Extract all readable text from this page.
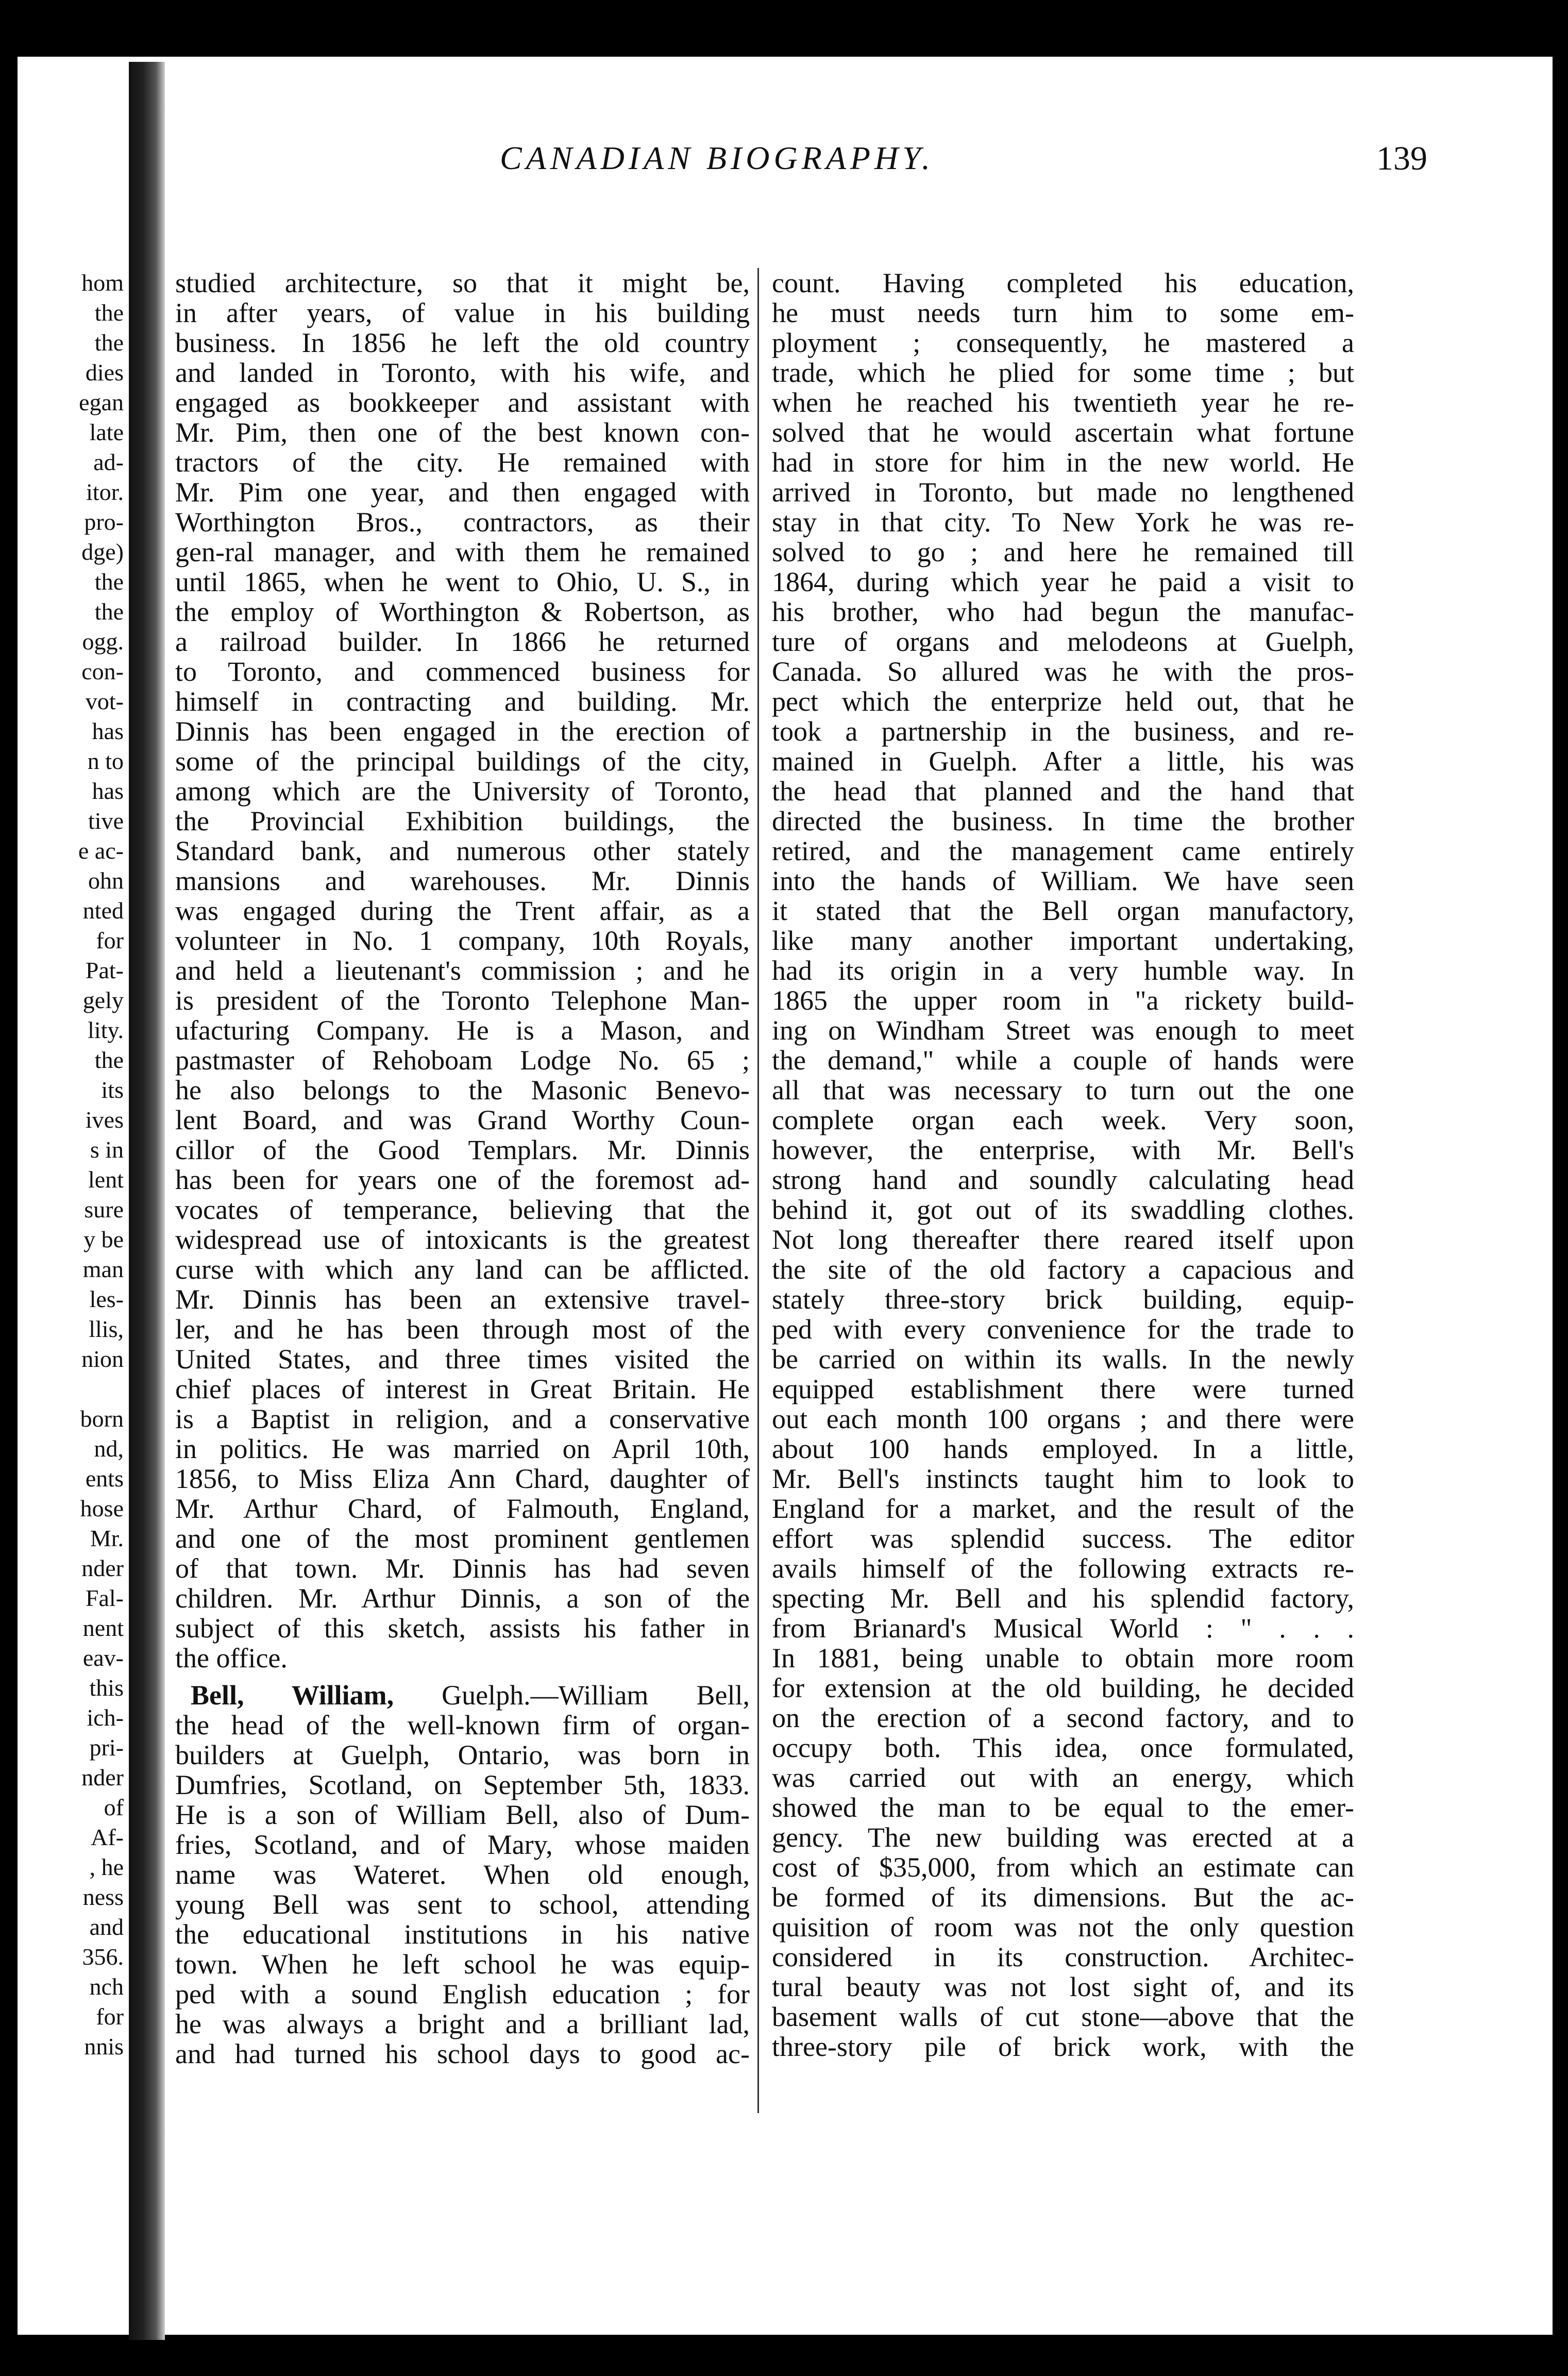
hom
the
the
dies
egan
late
ad-
itor.
pro-
dge)
the
the
ogg.
con-
vot-
has
n to
has
tive
e ac-
ohn
nted
for
Pat-
gely
lity.
the
its
ives
s in
lent
sure
y be
man
les-
llis,
nion

born
nd,
ents
hose
Mr.
nder
Fal-
nent
eav-
this
ich-
pri-
nder
of
Af-
, he
ness
and
356.
nch
for
nnis
CANADIAN BIOGRAPHY.	139
studied architecture, so that it might be,
in after years, of value in his building
business. In 1856 he left the old country
and landed in Toronto, with his wife, and
engaged as bookkeeper and assistant with
Mr. Pim, then one of the best known con-
tractors of the city. He remained with
Mr. Pim one year, and then engaged with
Worthington Bros., contractors, as their
gen-ral manager, and with them he remained
until 1865, when he went to Ohio, U. S., in
the employ of Worthington & Robertson, as
a railroad builder. In 1866 he returned
to Toronto, and commenced business for
himself in contracting and building. Mr.
Dinnis has been engaged in the erection of
some of the principal buildings of the city,
among which are the University of Toronto,
the Provincial Exhibition buildings, the
Standard bank, and numerous other stately
mansions and warehouses. Mr. Dinnis
was engaged during the Trent affair, as a
volunteer in No. 1 company, 10th Royals,
and held a lieutenant's commission ; and he
is president of the Toronto Telephone Man-
ufacturing Company. He is a Mason, and
pastmaster of Rehoboam Lodge No. 65 ;
he also belongs to the Masonic Benevo-
lent Board, and was Grand Worthy Coun-
cillor of the Good Templars. Mr. Dinnis
has been for years one of the foremost ad-
vocates of temperance, believing that the
widespread use of intoxicants is the greatest
curse with which any land can be afflicted.
Mr. Dinnis has been an extensive travel-
ler, and he has been through most of the
United States, and three times visited the
chief places of interest in Great Britain. He
is a Baptist in religion, and a conservative
in politics. He was married on April 10th,
1856, to Miss Eliza Ann Chard, daughter of
Mr. Arthur Chard, of Falmouth, England,
and one of the most prominent gentlemen
of that town. Mr. Dinnis has had seven
children. Mr. Arthur Dinnis, a son of the
subject of this sketch, assists his father in
the office.
Bell, William, Guelph.—William Bell,
the head of the well-known firm of organ-
builders at Guelph, Ontario, was born in
Dumfries, Scotland, on September 5th, 1833.
He is a son of William Bell, also of Dum-
fries, Scotland, and of Mary, whose maiden
name was Wateret. When old enough,
young Bell was sent to school, attending
the educational institutions in his native
town. When he left school he was equip-
ped with a sound English education ; for
he was always a bright and a brilliant lad,
and had turned his school days to good ac-
count. Having completed his education,
he must needs turn him to some em-
ployment ; consequently, he mastered a
trade, which he plied for some time ; but
when he reached his twentieth year he re-
solved that he would ascertain what fortune
had in store for him in the new world. He
arrived in Toronto, but made no lengthened
stay in that city. To New York he was re-
solved to go ; and here he remained till
1864, during which year he paid a visit to
his brother, who had begun the manufac-
ture of organs and melodeons at Guelph,
Canada. So allured was he with the pros-
pect which the enterprize held out, that he
took a partnership in the business, and re-
mained in Guelph. After a little, his was
the head that planned and the hand that
directed the business. In time the brother
retired, and the management came entirely
into the hands of William. We have seen
it stated that the Bell organ manufactory,
like many another important undertaking,
had its origin in a very humble way. In
1865 the upper room in "a rickety build-
ing on Windham Street was enough to meet
the demand," while a couple of hands were
all that was necessary to turn out the one
complete organ each week. Very soon,
however, the enterprise, with Mr. Bell's
strong hand and soundly calculating head
behind it, got out of its swaddling clothes.
Not long thereafter there reared itself upon
the site of the old factory a capacious and
stately three-story brick building, equip-
ped with every convenience for the trade to
be carried on within its walls. In the newly
equipped establishment there were turned
out each month 100 organs ; and there were
about 100 hands employed. In a little,
Mr. Bell's instincts taught him to look to
England for a market, and the result of the
effort was splendid success. The editor
avails himself of the following extracts re-
specting Mr. Bell and his splendid factory,
from Brianard's Musical World : " . . .
In 1881, being unable to obtain more room
for extension at the old building, he decided
on the erection of a second factory, and to
occupy both. This idea, once formulated,
was carried out with an energy, which
showed the man to be equal to the emer-
gency. The new building was erected at a
cost of $35,000, from which an estimate can
be formed of its dimensions. But the ac-
quisition of room was not the only question
considered in its construction. Architec-
tural beauty was not lost sight of, and its
basement walls of cut stone—above that the
three-story pile of brick work, with the
